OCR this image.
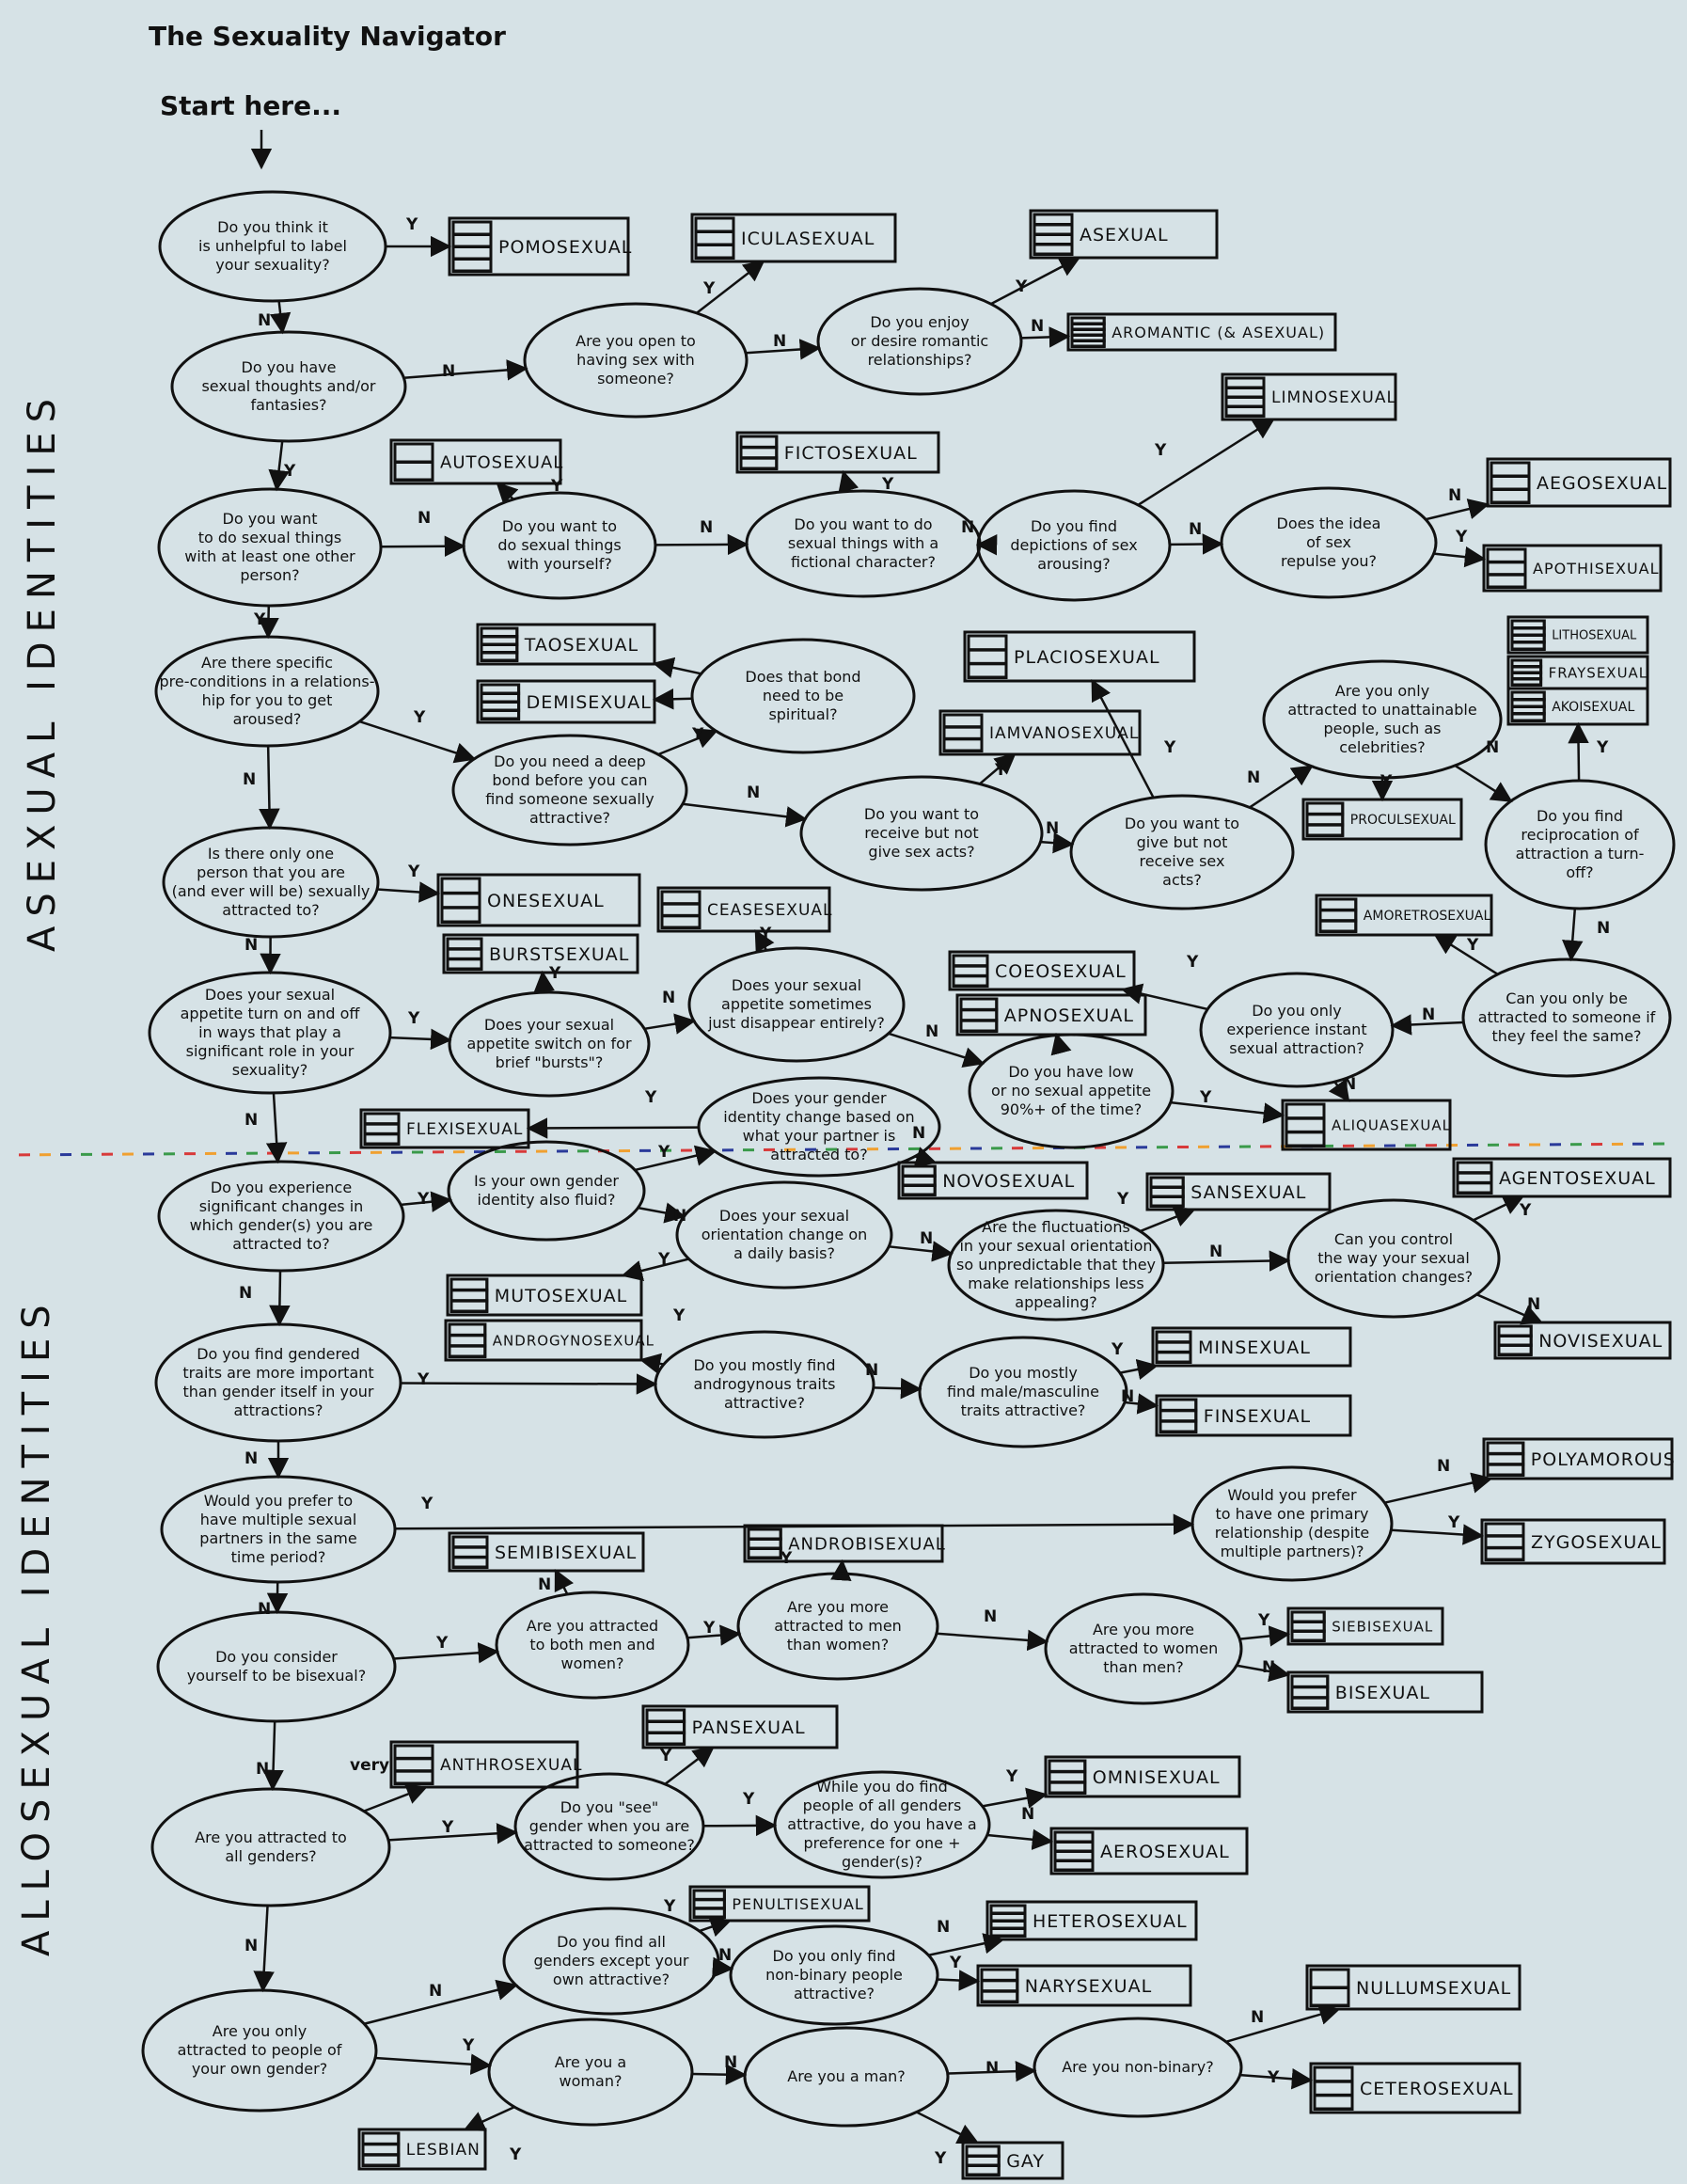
The Sexuality Navigator
Start here...
ASEXUAL IDENTITIES
ALLOSEXUAL IDENTITIES
Y
N
N
Y
N
Y
N
Y
N
Y
N
Y
N
Y
N
N
Y
Y
Y
Y
N
Y
N
Y
N	Y
N	Y
N
Y
N
Y
N
N
Y
N
Y
Y
N
Y
N
Y
N
Y
N
Y
Y
N
Y
N
Y
N
Y
N
N
Y
Y
N
Y
N
N
Y
N
Y
N
Y
N
Y
Y
N	Y
N
N	very
Y
Y
Y
Y
N
N
N
Y
N
N
Y
Y
Y
N
Y
N
N
Y
Do you think it
is unhelpful to label
your sexuality?
Do you have
sexual thoughts and/or
fantasies?
Are you open to
having sex with
someone?
Do you enjoy
or desire romantic
relationships?
Do you want
to do sexual things
with at least one other
person?
Do you want to
do sexual things
with yourself?
Do you want to do
sexual things with a
fictional character?
Do you find
depictions of sex
arousing?
Does the idea
of sex
repulse you?
Are there specific
pre-conditions in a relations-
hip for you to get
aroused?
Does that bond
need to be
spiritual?
Do you need a deep
bond before you can
find someone sexually
attractive?	Do you want to
receive but not
give sex acts?
Do you want to
give but not
receive sex
acts?
Are you only
attracted to unattainable
people, such as
celebrities?
Do you find
reciprocation of
attraction a turn-
off?
Is there only one
person that you are
(and ever will be) sexually
attracted to?
Does your sexual
appetite turn on and off
in ways that play a
significant role in your
sexuality?
Does your sexual
appetite switch on for
brief "bursts"?
Does your sexual
appetite sometimes
just disappear entirely?
Do you only
experience instant
sexual attraction?
Can you only be
attracted to someone if
they feel the same?
Do you have low
or no sexual appetite
90%+ of the time?
Does your gender
identity change based on
what your partner is
attracted to?
Do you experience
significant changes in
which gender(s) you are
attracted to?
Is your own gender
identity also fluid?
Does your sexual
orientation change on
a daily basis?
Are the fluctuations
in your sexual orientation
so unpredictable that they
make relationships less
appealing?
Can you control
the way your sexual
orientation changes?
Do you find gendered
traits are more important
than gender itself in your
attractions?
Do you mostly find
androgynous traits
attractive?
Do you mostly
find male/masculine
traits attractive?
Would you prefer to
have multiple sexual
partners in the same
time period?
Would you prefer
to have one primary
relationship (despite
multiple partners)?
Do you consider
yourself to be bisexual?
Are you attracted
to both men and
women?
Are you more
attracted to men
than women?
Are you more
attracted to women
than men?
Are you attracted to
all genders?
Do you "see"
gender when you are
attracted to someone?
While you do find
people of all genders
attractive, do you have a
preference for one +
gender(s)?
Do you find all
genders except your
own attractive?
Do you only find
non-binary people
attractive?
Are you only
attracted to people of
your own gender?	Are you a
woman?	Are you a man?
Are you non-binary?
POMOSEXUAL	ICULASEXUAL	ASEXUAL
AROMANTIC (& ASEXUAL)
LIMNOSEXUAL
AUTOSEXUAL	FICTOSEXUAL
AEGOSEXUAL
APOTHISEXUAL
TAOSEXUAL
DEMISEXUAL
PLACIOSEXUAL
IAMVANOSEXUAL
LITHOSEXUAL
FRAYSEXUAL
AKOISEXUAL
PROCULSEXUAL
ONESEXUAL	CEASESEXUAL	AMORETROSEXUAL
BURSTSEXUAL
COEOSEXUAL
APNOSEXUAL
ALIQUASEXUAL
FLEXISEXUAL
NOVOSEXUAL	AGENTOSEXUAL
SANSEXUAL
MUTOSEXUAL
NOVISEXUAL
ANDROGYNOSEXUAL	MINSEXUAL
FINSEXUAL
POLYAMOROUS
ZYGOSEXUAL
SEMIBISEXUAL	ANDROBISEXUAL
SIEBISEXUAL
BISEXUAL
PANSEXUAL
ANTHROSEXUAL
OMNISEXUAL
AEROSEXUAL
PENULTISEXUAL
HETEROSEXUAL
NARYSEXUAL	NULLUMSEXUAL
CETEROSEXUAL
LESBIAN
GAY
